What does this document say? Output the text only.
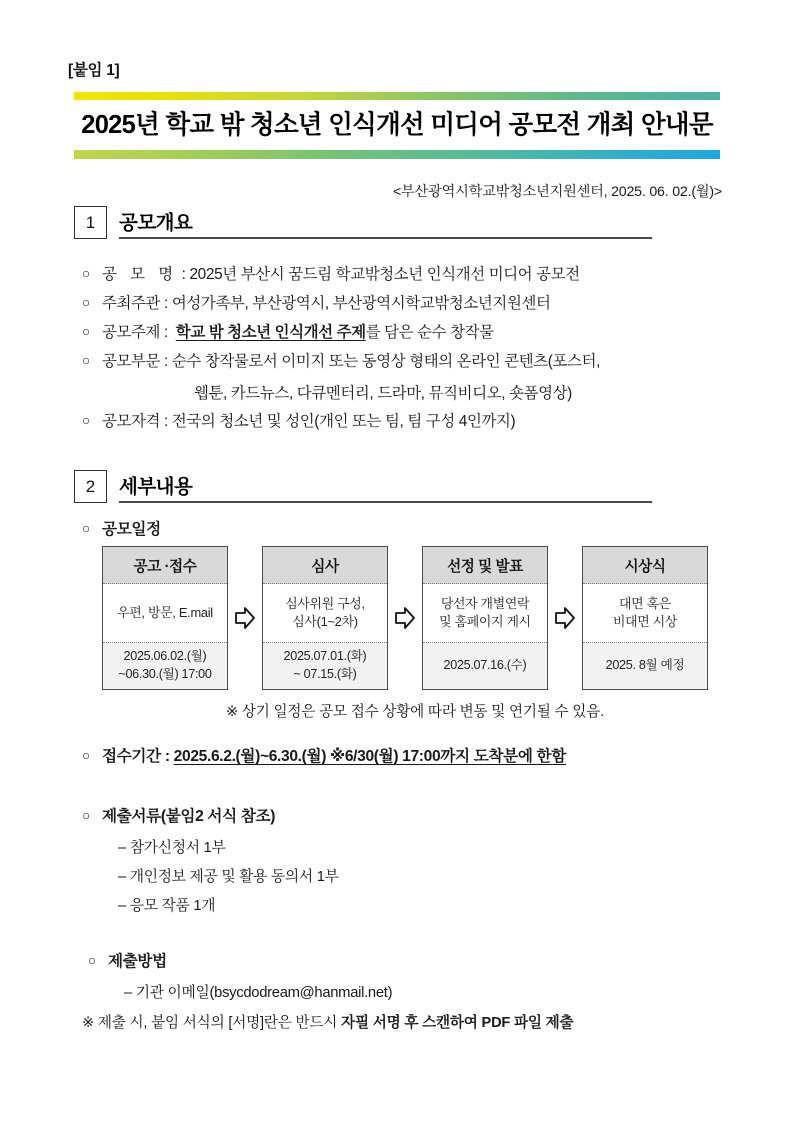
[붙임 1]
2025년 학교 밖 청소년 인식개선 미디어 공모전 개최 안내문
<부산광역시학교밖청소년지원센터, 2025. 06. 02.(월)>
1	공모개요
○ 공 모 명 : 2025년 부산시 꿈드림 학교밖청소년 인식개선 미디어 공모전
○ 주최주관 : 여성가족부, 부산광역시, 부산광역시학교밖청소년지원센터
○ 공모주제 :  학교 밖 청소년 인식개선 주제를 담은 순수 창작물
○ 공모부문 : 순수 창작물로서 이미지 또는 동영상 형태의 온라인 콘텐츠(포스터,
웹툰, 카드뉴스, 다큐멘터리, 드라마, 뮤직비디오, 숏폼영상)
○ 공모자격 : 전국의 청소년 및 성인(개인 또는 팀, 팀 구성 4인까지)
2	세부내용
○ 공모일정
공고 ·접수
우편, 방문, E.mail
2025.06.02.(월)
~06.30.(월) 17:00
심사
심사위원 구성,
심사(1~2차)
2025.07.01.(화)
~ 07.15.(화)
선정 및 발표
당선자 개별연락
및 홈페이지 게시
2025.07.16.(수)
시상식
대면 혹은
비대면 시상
2025. 8월 예정
※ 상기 일정은 공모 접수 상황에 따라 변동 및 연기될 수 있음.
○ 접수기간 : 2025.6.2.(월)~6.30.(월) ※6/30(월) 17:00까지 도착분에 한함
○ 제출서류(붙임2 서식 참조)
– 참가신청서 1부
– 개인정보 제공 및 활용 동의서 1부
– 응모 작품 1개
○ 제출방법
– 기관 이메일(bsycdodream@hanmail.net)
※ 제출 시, 붙임 서식의 [서명]란은 반드시 자필 서명 후 스캔하여 PDF 파일 제출
